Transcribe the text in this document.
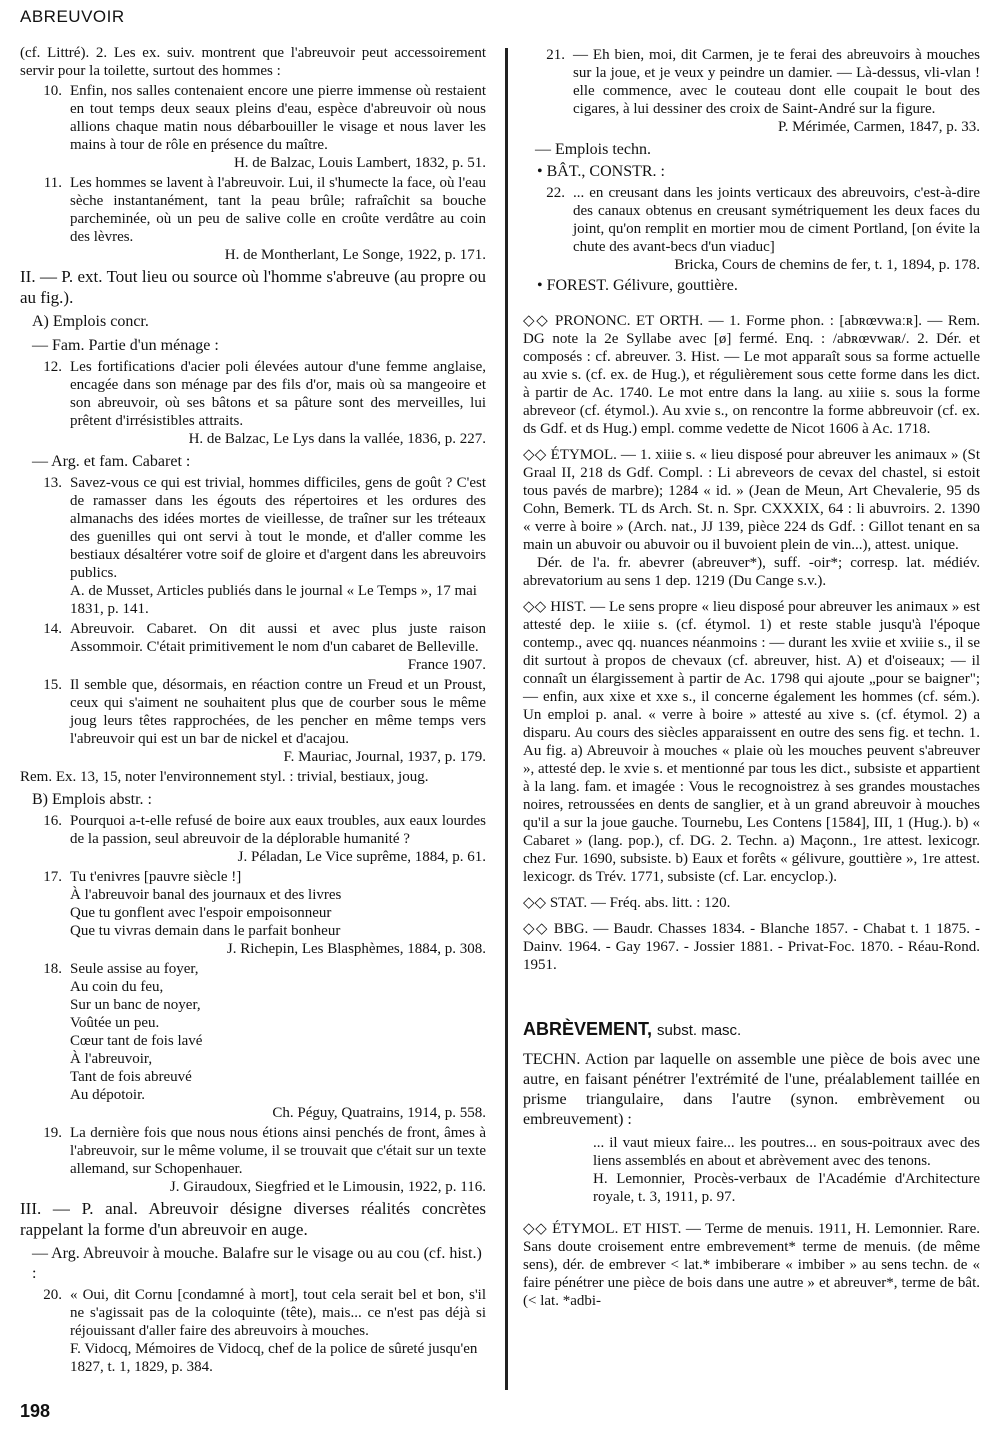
ABREUVOIR

(cf. Littré). 2. Les ex. suiv. montrent que l'abreuvoir peut accessoirement servir pour la toilette, surtout des hommes :

10. Enfin, nos salles contenaient encore une pierre immense où restaient en tout temps deux seaux pleins d'eau, espèce d'abreuvoir où nous allions chaque matin nous débarbouiller le visage et nous laver les mains à tour de rôle en présence du maître.

H. de Balzac, Louis Lambert, 1832, p. 51.

11. Les hommes se lavent à l'abreuvoir. Lui, il s'humecte la face, où l'eau sèche instantanément, tant la peau brûle; rafraîchit sa bouche parcheminée, où un peu de salive colle en croûte verdâtre au coin des lèvres.

H. de Montherlant, Le Songe, 1922, p. 171.

II. — P. ext. Tout lieu ou source où l'homme s'abreuve (au propre ou au fig.).

A) Emplois concr.

— Fam. Partie d'un ménage :

12. Les fortifications d'acier poli élevées autour d'une femme anglaise, encagée dans son ménage par des fils d'or, mais où sa mangeoire et son abreuvoir, où ses bâtons et sa pâture sont des merveilles, lui prêtent d'irrésistibles attraits.

H. de Balzac, Le Lys dans la vallée, 1836, p. 227.

— Arg. et fam. Cabaret :

13. Savez-vous ce qui est trivial, hommes difficiles, gens de goût ? C'est de ramasser dans les égouts des répertoires et les ordures des almanachs des idées mortes de vieillesse, de traîner sur les tréteaux des guenilles qui ont servi à tout le monde, et d'aller comme les bestiaux désaltérer votre soif de gloire et d'argent dans les abreuvoirs publics.

A. de Musset, Articles publiés dans le journal « Le Temps », 17 mai 1831, p. 141.

14. Abreuvoir. Cabaret. On dit aussi et avec plus juste raison Assommoir. C'était primitivement le nom d'un cabaret de Belleville.

France 1907.

15. Il semble que, désormais, en réaction contre un Freud et un Proust, ceux qui s'aiment ne souhaitent plus que de courber sous le même joug leurs têtes rapprochées, de les pencher en même temps vers l'abreuvoir qui est un bar de nickel et d'acajou.

F. Mauriac, Journal, 1937, p. 179.

Rem. Ex. 13, 15, noter l'environnement styl. : trivial, bestiaux, joug.

B) Emplois abstr. :

16. Pourquoi a-t-elle refusé de boire aux eaux troubles, aux eaux lourdes de la passion, seul abreuvoir de la déplorable humanité ?

J. Péladan, Le Vice suprême, 1884, p. 61.

17. Tu t'enivres [pauvre siècle !]

À l'abreuvoir banal des journaux et des livres

Que tu gonflent avec l'espoir empoisonneur

Que tu vivras demain dans le parfait bonheur

J. Richepin, Les Blasphèmes, 1884, p. 308.

18. Seule assise au foyer,

Au coin du feu,

Sur un banc de noyer,

Voûtée un peu.

Cœur tant de fois lavé

À l'abreuvoir,

Tant de fois abreuvé

Au dépotoir.

Ch. Péguy, Quatrains, 1914, p. 558.

19. La dernière fois que nous nous étions ainsi penchés de front, âmes à l'abreuvoir, sur le même volume, il se trouvait que c'était sur un texte allemand, sur Schopenhauer.

J. Giraudoux, Siegfried et le Limousin, 1922, p. 116.

III. — P. anal. Abreuvoir désigne diverses réalités concrètes rappelant la forme d'un abreuvoir en auge.

— Arg. Abreuvoir à mouche. Balafre sur le visage ou au cou (cf. hist.) :

20. « Oui, dit Cornu [condamné à mort], tout cela serait bel et bon, s'il ne s'agissait pas de la coloquinte (tête), mais... ce n'est pas déjà si réjouissant d'aller faire des abreuvoirs à mouches.

F. Vidocq, Mémoires de Vidocq, chef de la police de sûreté jusqu'en 1827, t. 1, 1829, p. 384.

21. — Eh bien, moi, dit Carmen, je te ferai des abreuvoirs à mouches sur la joue, et je veux y peindre un damier. — Là-dessus, vli-vlan ! elle commence, avec le couteau dont elle coupait le bout des cigares, à lui dessiner des croix de Saint-André sur la figure.

P. Mérimée, Carmen, 1847, p. 33.

— Emplois techn.

• BÂT., CONSTR. :

22. ... en creusant dans les joints verticaux des abreuvoirs, c'est-à-dire des canaux obtenus en creusant symétriquement les deux faces du joint, qu'on remplit en mortier mou de ciment Portland, [on évite la chute des avant-becs d'un viaduc]

Bricka, Cours de chemins de fer, t. 1, 1894, p. 178.

• FOREST. Gélivure, gouttière.

◇◇ PRONONC. ET ORTH. — 1. Forme phon. : [abʀœvwaːʀ]. — Rem. DG note la 2e Syllabe avec [ø] fermé. Enq. : /abʀœvwaʀ/. 2. Dér. et composés : cf. abreuver. 3. Hist. — Le mot apparaît sous sa forme actuelle au xvie s. (cf. ex. de Hug.), et régulièrement sous cette forme dans les dict. à partir de Ac. 1740. Le mot entre dans la lang. au xiiie s. sous la forme abreveor (cf. étymol.). Au xvie s., on rencontre la forme abbreuvoir (cf. ex. ds Gdf. et ds Hug.) empl. comme vedette de Nicot 1606 à Ac. 1718.

◇◇ ÉTYMOL. — 1. xiiie s. « lieu disposé pour abreuver les animaux » (St Graal II, 218 ds Gdf. Compl. : Li abreveors de cevax del chastel, si estoit tous pavés de marbre); 1284 « id. » (Jean de Meun, Art Chevalerie, 95 ds Cohn, Bemerk. TL ds Arch. St. n. Spr. CXXXIX, 64 : li abuvroirs. 2. 1390 « verre à boire » (Arch. nat., JJ 139, pièce 224 ds Gdf. : Gillot tenant en sa main un abuvoir ou abuvoir ou il buvoient plein de vin...), attest. unique.

Dér. de l'a. fr. abevrer (abreuver*), suff. -oir*; corresp. lat. médiév. abrevatorium au sens 1 dep. 1219 (Du Cange s.v.).

◇◇ HIST. — Le sens propre « lieu disposé pour abreuver les animaux » est attesté dep. le xiiie s. (cf. étymol. 1) et reste stable jusqu'à l'époque contemp., avec qq. nuances néanmoins : — durant les xviie et xviiie s., il se dit surtout à propos de chevaux (cf. abreuver, hist. A) et d'oiseaux; — il connaît un élargissement à partir de Ac. 1798 qui ajoute „pour se baigner"; — enfin, aux xixe et xxe s., il concerne également les hommes (cf. sém.). Un emploi p. anal. « verre à boire » attesté au xive s. (cf. étymol. 2) a disparu. Au cours des siècles apparaissent en outre des sens fig. et techn. 1. Au fig. a) Abreuvoir à mouches « plaie où les mouches peuvent s'abreuver », attesté dep. le xvie s. et mentionné par tous les dict., subsiste et appartient à la lang. fam. et imagée : Vous le recognoistrez à ses grandes moustaches noires, retroussées en dents de sanglier, et à un grand abreuvoir à mouches qu'il a sur la joue gauche. Tournebu, Les Contens [1584], III, 1 (Hug.). b) « Cabaret » (lang. pop.), cf. DG. 2. Techn. a) Maçonn., 1re attest. lexicogr. chez Fur. 1690, subsiste. b) Eaux et forêts « gélivure, gouttière », 1re attest. lexicogr. ds Trév. 1771, subsiste (cf. Lar. encyclop.).

◇◇ STAT. — Fréq. abs. litt. : 120.

◇◇ BBG. — Baudr. Chasses 1834. - Blanche 1857. - Chabat t. 1 1875. - Dainv. 1964. - Gay 1967. - Jossier 1881. - Privat-Foc. 1870. - Réau-Rond. 1951.

ABRÈVEMENT, subst. masc.

TECHN. Action par laquelle on assemble une pièce de bois avec une autre, en faisant pénétrer l'extrémité de l'une, préalablement taillée en prisme triangulaire, dans l'autre (synon. embrèvement ou embreuvement) :

... il vaut mieux faire... les poutres... en sous-poitraux avec des liens assemblés en about et abrèvement avec des tenons.

H. Lemonnier, Procès-verbaux de l'Académie d'Architecture royale, t. 3, 1911, p. 97.

◇◇ ÉTYMOL. ET HIST. — Terme de menuis. 1911, H. Lemonnier. Rare. Sans doute croisement entre embrevement* terme de menuis. (de même sens), dér. de embrever < lat.* imbiberare « imbiber » au sens techn. de « faire pénétrer une pièce de bois dans une autre » et abreuver*, terme de bât. (< lat. *adbi-

198
